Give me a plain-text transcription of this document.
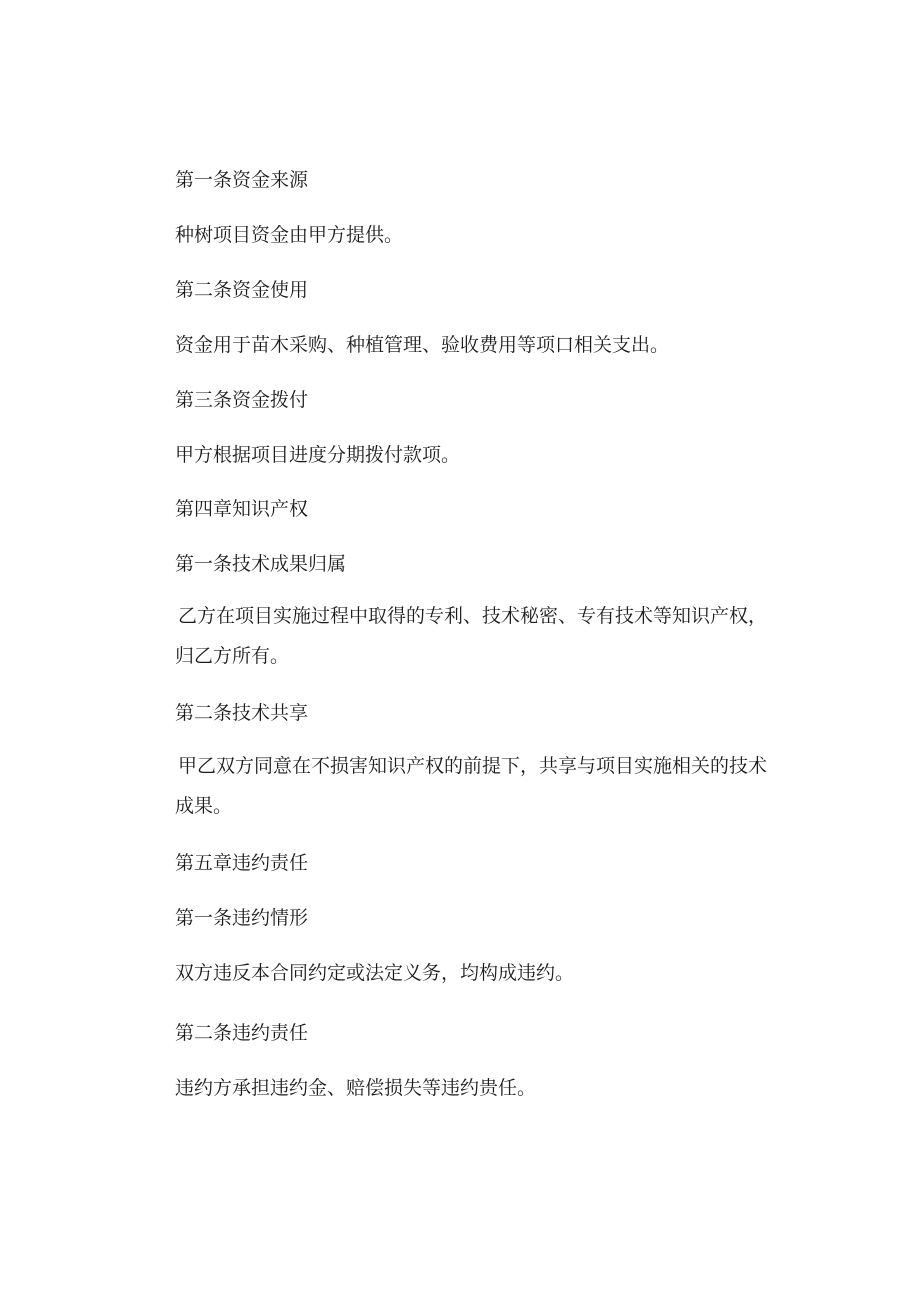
第一条资金来源

种树项目资金由甲方提供。

第二条资金使用

资金用于苗木采购、种植管理、验收费用等项口相关支出。

第三条资金拨付

甲方根据项目进度分期拨付款项。

第四章知识产权

第一条技术成果归属

乙方在项目实施过程中取得的专利、技术秘密、专有技术等知识产权，归乙方所有。

第二条技术共享

甲乙双方同意在不损害知识产权的前提下，共享与项目实施相关的技术成果。

第五章违约责任

第一条违约情形

双方违反本合同约定或法定义务，均构成违约。

第二条违约责任

违约方承担违约金、赔偿损失等违约贵任。
